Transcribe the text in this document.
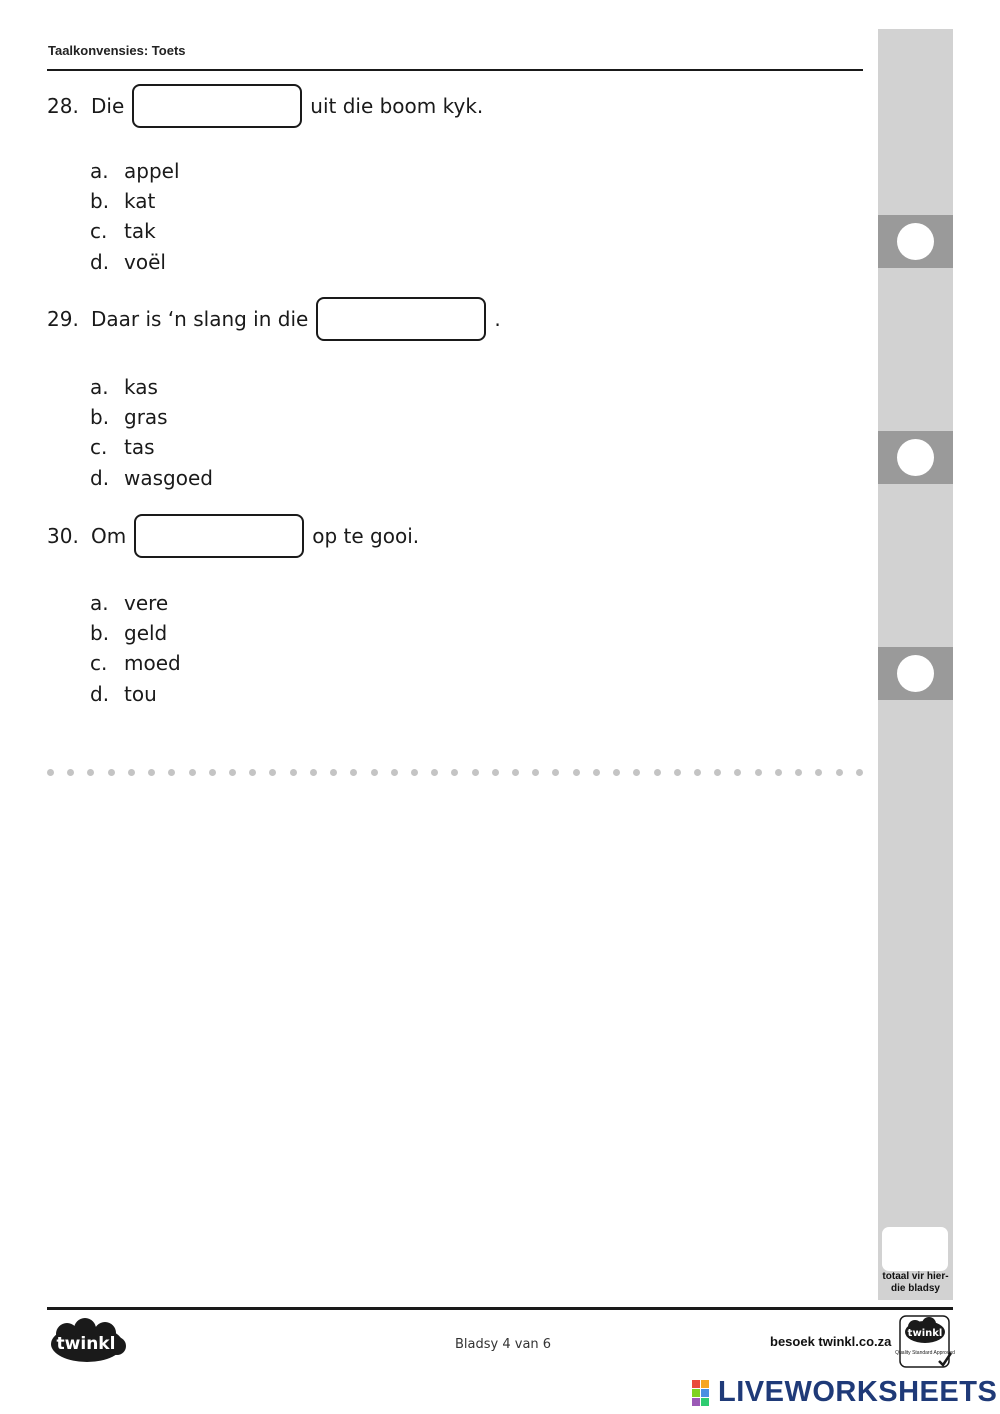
Taalkonvensies: Toets
28. Die	uit die boom kyk.
a. appel
b. kat
c. tak
d. voël
29. Daar is ‘n slang in die	.
a. kas
b. gras
c. tas
d. wasgoed
30. Om	op te gooi.
a. vere
b. geld
c. moed
d. tou
totaal vir hier-die bladsy
twinkl	Bladsy 4 van 6	besoek twinkl.co.za
twinkl
Quality Standard Approved
LIVEWORKSHEETS
